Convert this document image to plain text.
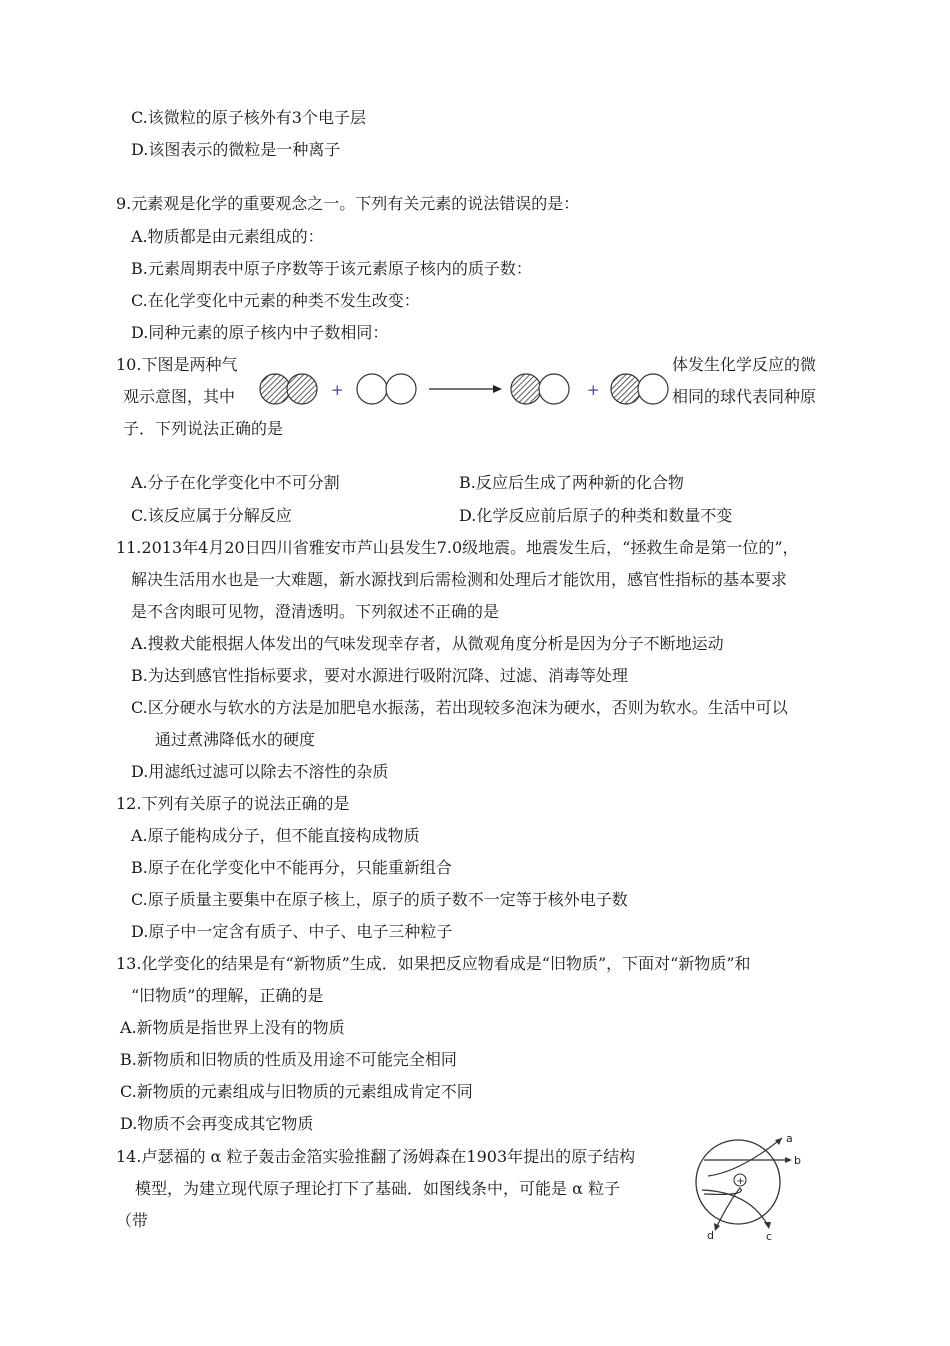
C.该微粒的原子核外有3个电子层
D.该图表示的微粒是一种离子
9.元素观是化学的重要观念之一。下列有关元素的说法错误的是：
A.物质都是由元素组成的：
B.元素周期表中原子序数等于该元素原子核内的质子数：
C.在化学变化中元素的种类不发生改变：
D.同种元素的原子核内中子数相同：
10.下图是两种气	体发生化学反应的微
观示意图，其中	相同的球代表同种原
子．下列说法正确的是
+	+
A.分子在化学变化中不可分割	B.反应后生成了两种新的化合物
C.该反应属于分解反应	D.化学反应前后原子的种类和数量不变
11.2013年4月20日四川省雅安市芦山县发生7.0级地震。地震发生后，“拯救生命是第一位的”，
解决生活用水也是一大难题，新水源找到后需检测和处理后才能饮用，感官性指标的基本要求
是不含肉眼可见物，澄清透明。下列叙述不正确的是
A.搜救犬能根据人体发出的气味发现幸存者，从微观角度分析是因为分子不断地运动
B.为达到感官性指标要求，要对水源进行吸附沉降、过滤、消毒等处理
C.区分硬水与软水的方法是加肥皂水振荡，若出现较多泡沫为硬水，否则为软水。生活中可以
通过煮沸降低水的硬度
D.用滤纸过滤可以除去不溶性的杂质
12.下列有关原子的说法正确的是
A.原子能构成分子，但不能直接构成物质
B.原子在化学变化中不能再分，只能重新组合
C.原子质量主要集中在原子核上，原子的质子数不一定等于核外电子数
D.原子中一定含有质子、中子、电子三种粒子
13.化学变化的结果是有“新物质”生成．如果把反应物看成是“旧物质”，下面对“新物质”和
“旧物质”的理解，正确的是
A.新物质是指世界上没有的物质
B.新物质和旧物质的性质及用途不可能完全相同
C.新物质的元素组成与旧物质的元素组成肯定不同
D.物质不会再变成其它物质
14.卢瑟福的 α 粒子轰击金箔实验推翻了汤姆森在1903年提出的原子结构
模型，为建立现代原子理论打下了基础．如图线条中，可能是 α 粒子
（带
+
a
b
c
d
